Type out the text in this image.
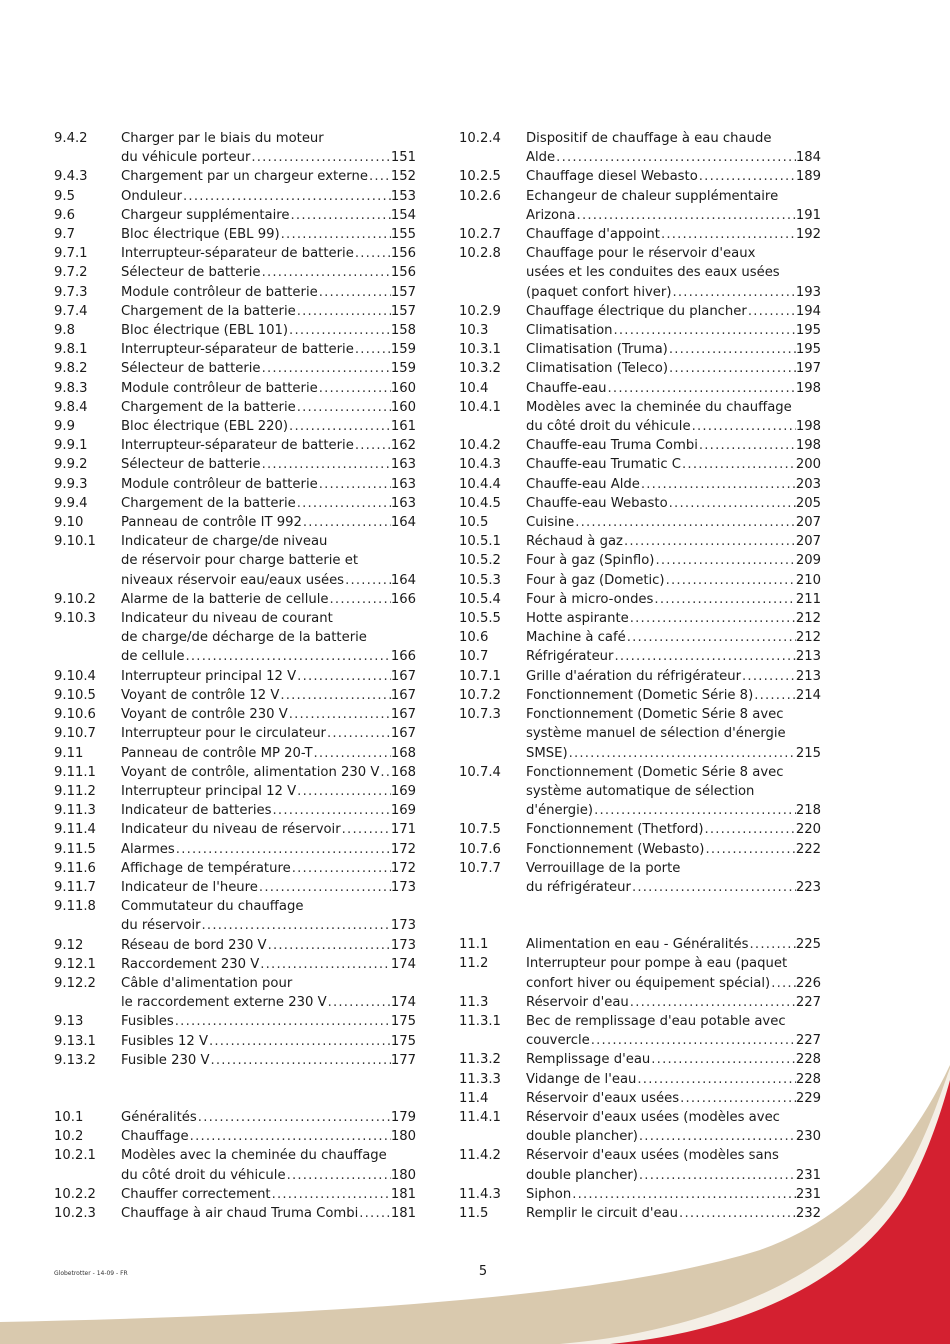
9.4.2	Charger par le biais du moteur
du véhicule porteur .....	151
9.4.3	Chargement par un chargeur externe ..... 152
9.5	Onduleur .....	153
9.6	Chargeur supplémentaire .....	154
9.7	Bloc électrique (EBL 99) .....	155
9.7.1	Interrupteur-séparateur de batterie .....	156
9.7.2	Sélecteur de batterie .....	156
9.7.3	Module contrôleur de batterie .....	157
9.7.4	Chargement de la batterie .....	157
9.8	Bloc électrique (EBL 101) .....	158
9.8.1	Interrupteur-séparateur de batterie .....	159
9.8.2	Sélecteur de batterie .....	159
9.8.3	Module contrôleur de batterie .....	160
9.8.4	Chargement de la batterie .....	160
9.9	Bloc électrique (EBL 220) .....	161
9.9.1	Interrupteur-séparateur de batterie .....	162
9.9.2	Sélecteur de batterie .....	163
9.9.3	Module contrôleur de batterie .....	163
9.9.4	Chargement de la batterie .....	163
9.10	Panneau de contrôle IT 992 .....	164
9.10.1	Indicateur de charge/de niveau
de réservoir pour charge batterie et
niveaux réservoir eau/eaux usées .....	164
9.10.2	Alarme de la batterie de cellule .....	166
9.10.3	Indicateur du niveau de courant
de charge/de décharge de la batterie
de cellule .....	166
9.10.4	Interrupteur principal 12 V .....	167
9.10.5	Voyant de contrôle 12 V .....	167
9.10.6	Voyant de contrôle 230 V .....	167
9.10.7	Interrupteur pour le circulateur .....	167
9.11	Panneau de contrôle MP 20-T .....	168
9.11.1	Voyant de contrôle, alimentation 230 V ..... 168
9.11.2	Interrupteur principal 12 V .....	169
9.11.3	Indicateur de batteries .....	169
9.11.4	Indicateur du niveau de réservoir .....	171
9.11.5	Alarmes .....	172
9.11.6	Affichage de température .....	172
9.11.7	Indicateur de l'heure .....	173
9.11.8	Commutateur du chauffage
du réservoir .....	173
9.12	Réseau de bord 230 V .....	173
9.12.1	Raccordement 230 V .....	174
9.12.2	Câble d'alimentation pour
le raccordement externe 230 V .....	174
9.13	Fusibles .....	175
9.13.1	Fusibles 12 V .....	175
9.13.2	Fusible 230 V .....	177
10.1	Généralités .....	179
10.2	Chauffage .....	180
10.2.1	Modèles avec la cheminée du chauffage
du côté droit du véhicule .....	180
10.2.2	Chauffer correctement .....	181
10.2.3	Chauffage à air chaud Truma Combi ..... 181
10.2.4	Dispositif de chauffage à eau chaude
Alde .....	184
10.2.5	Chauffage diesel Webasto .....	189
10.2.6	Echangeur de chaleur supplémentaire
Arizona .....	191
10.2.7	Chauffage d'appoint .....	192
10.2.8	Chauffage pour le réservoir d'eaux
usées et les conduites des eaux usées
(paquet confort hiver) .....	193
10.2.9	Chauffage électrique du plancher .....	194
10.3	Climatisation .....	195
10.3.1	Climatisation (Truma) .....	195
10.3.2	Climatisation (Teleco) .....	197
10.4	Chauffe-eau .....	198
10.4.1	Modèles avec la cheminée du chauffage
du côté droit du véhicule .....	198
10.4.2	Chauffe-eau Truma Combi .....	198
10.4.3	Chauffe-eau Trumatic C .....	200
10.4.4	Chauffe-eau Alde .....	203
10.4.5	Chauffe-eau Webasto .....	205
10.5	Cuisine .....	207
10.5.1	Réchaud à gaz .....	207
10.5.2	Four à gaz (Spinflo) .....	209
10.5.3	Four à gaz (Dometic) .....	210
10.5.4	Four à micro-ondes .....	211
10.5.5	Hotte aspirante .....	212
10.6	Machine à café .....	212
10.7	Réfrigérateur .....	213
10.7.1	Grille d'aération du réfrigérateur .....	213
10.7.2	Fonctionnement (Dometic Série 8) .....	214
10.7.3	Fonctionnement (Dometic Série 8 avec
système manuel de sélection d'énergie
SMSE) .....	215
10.7.4	Fonctionnement (Dometic Série 8 avec
système automatique de sélection
d'énergie) .....	218
10.7.5	Fonctionnement (Thetford) .....	220
10.7.6	Fonctionnement (Webasto) .....	222
10.7.7	Verrouillage de la porte
du réfrigérateur .....	223
11.1	Alimentation en eau - Généralités .....	225
11.2	Interrupteur pour pompe à eau (paquet
confort hiver ou équipement spécial) ..... 226
11.3	Réservoir d'eau .....	227
11.3.1	Bec de remplissage d'eau potable avec
couvercle .....	227
11.3.2	Remplissage d'eau .....	228
11.3.3	Vidange de l'eau .....	228
11.4	Réservoir d'eaux usées .....	229
11.4.1	Réservoir d'eaux usées (modèles avec
double plancher) .....	230
11.4.2	Réservoir d'eaux usées (modèles sans
double plancher) .....	231
11.4.3	Siphon .....	231
11.5	Remplir le circuit d'eau .....	232
Globetrotter - 14-09 - FR	5
